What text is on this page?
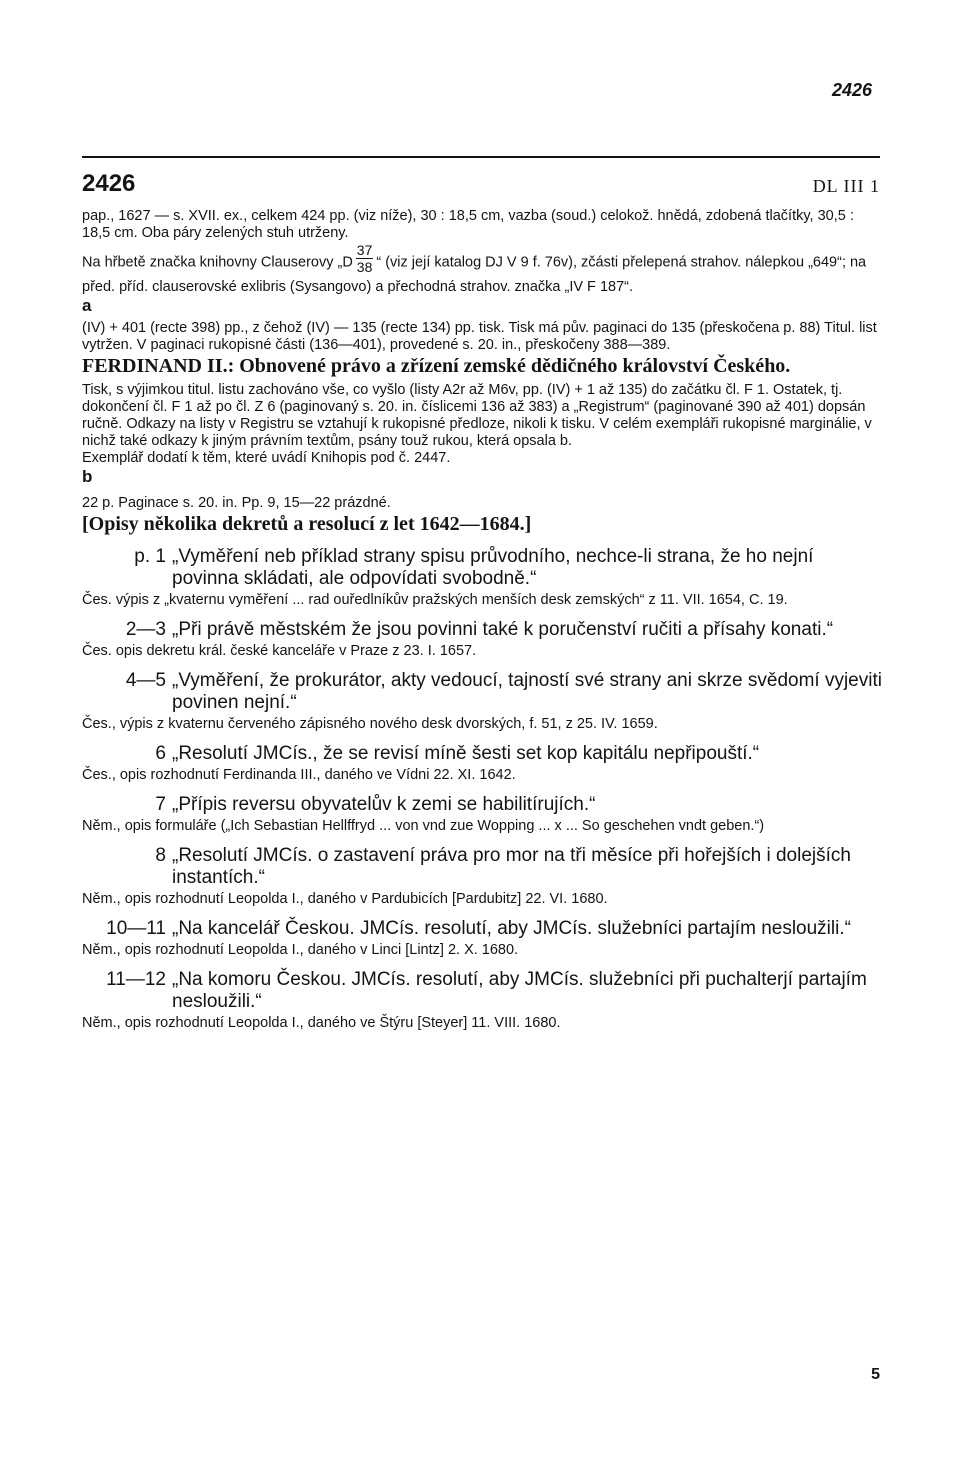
2426
2426	DL III 1

pap., 1627 — s. XVII. ex., celkem 424 pp. (viz níže), 30 : 18,5 cm, vazba (soud.) celokož. hnědá, zdobená tlačítky, 30,5 : 18,5 cm. Oba páry zelených stuh utrženy.

Na hřbetě značka knihovny Clauserovy „D $\frac{37}{38}$ “ (viz její katalog DJ V 9 f. 76v), zčásti přelepená strahov. nálepkou „649“; na před. příd. clauserovské exlibris (Sysangovo) a přechodná strahov. značka „IV F 187“.

a

(IV) + 401 (recte 398) pp., z čehož (IV) — 135 (recte 134) pp. tisk. Tisk má pův. paginaci do 135 (přeskočena p. 88) Titul. list vytržen. V paginaci rukopisné části (136—401), provedené s. 20. in., přeskočeny 388—389.

FERDINAND II.: Obnovené právo a zřízení zemské dědičného království Českého.

Tisk, s výjimkou titul. listu zachováno vše, co vyšlo (listy A2r až M6v, pp. (IV) + 1 až 135) do začátku čl. F 1. Ostatek, tj. dokončení čl. F 1 až po čl. Z 6 (paginovaný s. 20. in. číslicemi 136 až 383) a „Registrum“ (paginované 390 až 401) dopsán ručně. Odkazy na listy v Registru se vztahují k rukopisné předloze, nikoli k tisku. V celém exempláři rukopisné marginálie, v nichž také odkazy k jiným právním textům, psány touž rukou, která opsala b.

Exemplář dodatí k těm, které uvádí Knihopis pod č. 2447.

b

22 p. Paginace s. 20. in. Pp. 9, 15—22 prázdné.

[Opisy několika dekretů a resolucí z let 1642—1684.]

p. 1 „Vyměření neb příklad strany spisu průvodního, nechce-li strana, že ho nejní povinna skládati, ale odpovídati svobodně.“

Čes. výpis z „kvaternu vyměření ... rad ouředlníkův pražských menších desk zemských“ z 11. VII. 1654, C. 19.

2—3 „Při právě městském že jsou povinni také k poručenství ručiti a přísahy konati.“

Čes. opis dekretu král. české kanceláře v Praze z 23. I. 1657.

4—5 „Vyměření, že prokurátor, akty vedoucí, tajností své strany ani skrze svědomí vyjeviti povinen nejní.“

Čes., výpis z kvaternu červeného zápisného nového desk dvorských, f. 51, z 25. IV. 1659.

6 „Resolutí JMCís., že se revisí míně šesti set kop kapitálu nepřipouští.“

Čes., opis rozhodnutí Ferdinanda III., daného ve Vídni 22. XI. 1642.

7 „Přípis reversu obyvatelův k zemi se habilitírujích.“

Něm., opis formuláře („Ich Sebastian Hellffryd ... von vnd zue Wopping ... x ... So geschehen vndt geben.“)

8 „Resolutí JMCís. o zastavení práva pro mor na tři měsíce při hořejších i dolejších instantích.“

Něm., opis rozhodnutí Leopolda I., daného v Pardubicích [Pardubitz] 22. VI. 1680.

10—11 „Na kancelář Českou. JMCís. resolutí, aby JMCís. služebníci partajím nesloužili.“

Něm., opis rozhodnutí Leopolda I., daného v Linci [Lintz] 2. X. 1680.

11—12 „Na komoru Českou. JMCís. resolutí, aby JMCís. služebníci při puchalterjí partajím nesloužili.“

Něm., opis rozhodnutí Leopolda I., daného ve Štýru [Steyer] 11. VIII. 1680.

5
